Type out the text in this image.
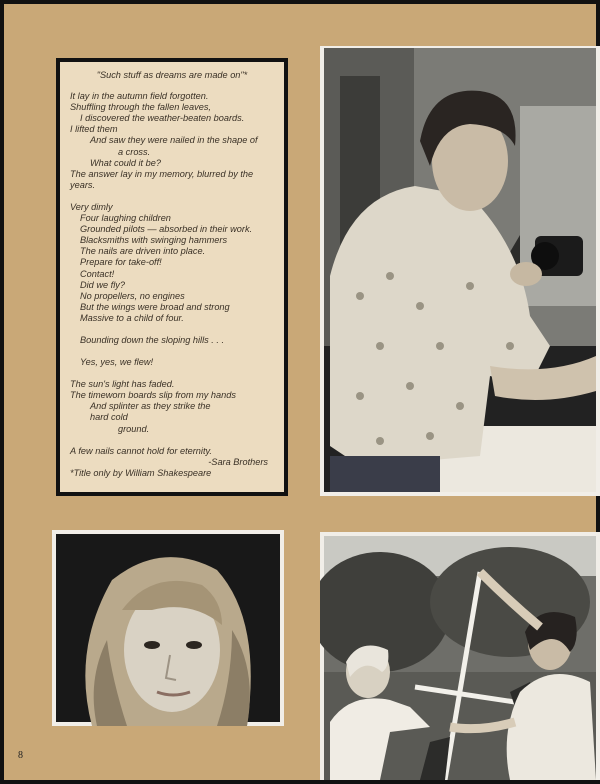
"Such stuff as dreams are made on"*
It lay in the autumn field forgotten.
Shuffling through the fallen leaves,
I discovered the weather-beaten boards.
I lifted them
And saw they were nailed in the shape of
a cross.
What could it be?
The answer lay in my memory, blurred by the
years.
Very dimly
Four laughing children
Grounded pilots — absorbed in their work.
Blacksmiths with swinging hammers
The nails are driven into place.
Prepare for take-off!
Contact!
Did we fly?
No propellers, no engines
But the wings were broad and strong
Massive to a child of four.
Bounding down the sloping hills . . .
Yes, yes, we flew!
The sun's light has faded.
The timeworn boards slip from my hands
And splinter as they strike the
hard cold
ground.
A few nails cannot hold for eternity.
-Sara Brothers
*Title only by William Shakespeare
8
